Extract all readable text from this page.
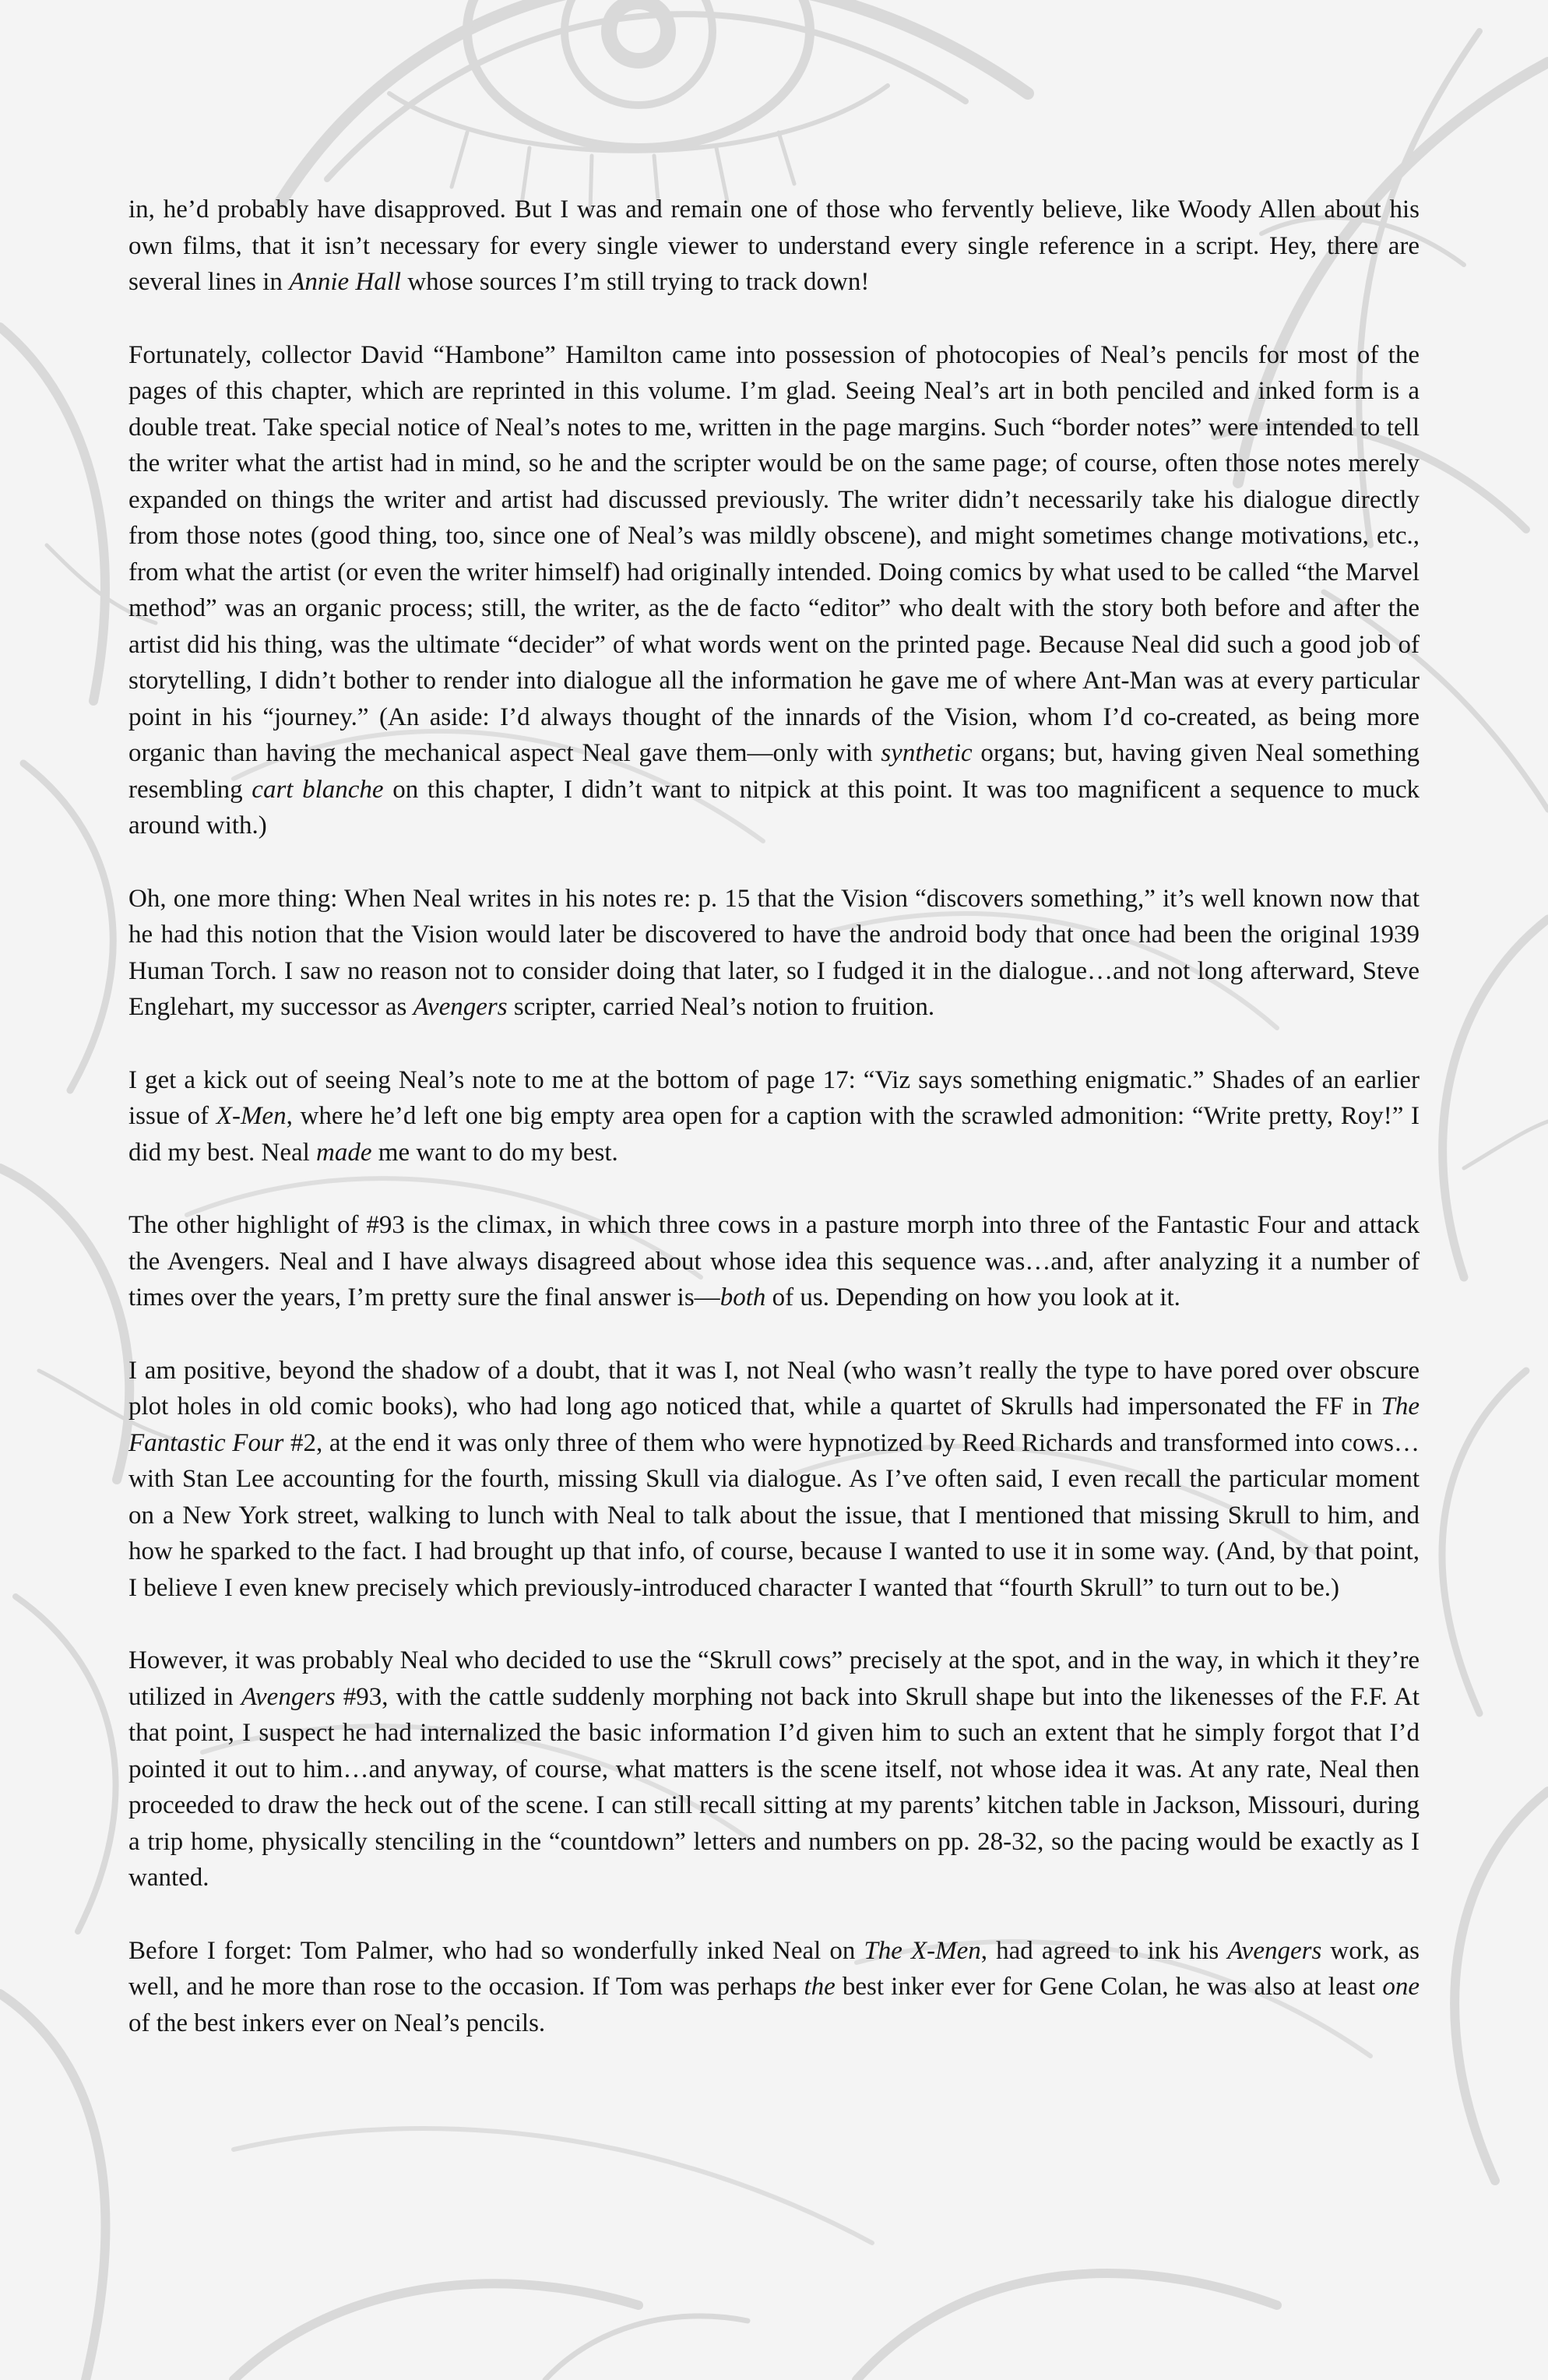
in, he’d probably have disapproved. But I was and remain one of those who fervently believe, like Woody Allen about his own films, that it isn’t necessary for every single viewer to understand every single reference in a script. Hey, there are several lines in Annie Hall whose sources I’m still trying to track down!

Fortunately, collector David “Hambone” Hamilton came into possession of photocopies of Neal’s pencils for most of the pages of this chapter, which are reprinted in this volume. I’m glad. Seeing Neal’s art in both penciled and inked form is a double treat. Take special notice of Neal’s notes to me, written in the page margins. Such “border notes” were intended to tell the writer what the artist had in mind, so he and the scripter would be on the same page; of course, often those notes merely expanded on things the writer and artist had discussed previously. The writer didn’t necessarily take his dialogue directly from those notes (good thing, too, since one of Neal’s was mildly obscene), and might sometimes change motivations, etc., from what the artist (or even the writer himself) had originally intended. Doing comics by what used to be called “the Marvel method” was an organic process; still, the writer, as the de facto “editor” who dealt with the story both before and after the artist did his thing, was the ultimate “decider” of what words went on the printed page. Because Neal did such a good job of storytelling, I didn’t bother to render into dialogue all the information he gave me of where Ant-Man was at every particular point in his “journey.” (An aside: I’d always thought of the innards of the Vision, whom I’d co-created, as being more organic than having the mechanical aspect Neal gave them—only with synthetic organs; but, having given Neal something resembling cart blanche on this chapter, I didn’t want to nitpick at this point. It was too magnificent a sequence to muck around with.)

Oh, one more thing: When Neal writes in his notes re: p. 15 that the Vision “discovers something,” it’s well known now that he had this notion that the Vision would later be discovered to have the android body that once had been the original 1939 Human Torch. I saw no reason not to consider doing that later, so I fudged it in the dialogue…and not long afterward, Steve Englehart, my successor as Avengers scripter, carried Neal’s notion to fruition.

I get a kick out of seeing Neal’s note to me at the bottom of page 17: “Viz says something enigmatic.” Shades of an earlier issue of X-Men, where he’d left one big empty area open for a caption with the scrawled admonition: “Write pretty, Roy!” I did my best. Neal made me want to do my best.

The other highlight of #93 is the climax, in which three cows in a pasture morph into three of the Fantastic Four and attack the Avengers. Neal and I have always disagreed about whose idea this sequence was…and, after analyzing it a number of times over the years, I’m pretty sure the final answer is—both of us. Depending on how you look at it.

I am positive, beyond the shadow of a doubt, that it was I, not Neal (who wasn’t really the type to have pored over obscure plot holes in old comic books), who had long ago noticed that, while a quartet of Skrulls had impersonated the FF in The Fantastic Four #2, at the end it was only three of them who were hypnotized by Reed Richards and transformed into cows…with Stan Lee accounting for the fourth, missing Skull via dialogue. As I’ve often said, I even recall the particular moment on a New York street, walking to lunch with Neal to talk about the issue, that I mentioned that missing Skrull to him, and how he sparked to the fact. I had brought up that info, of course, because I wanted to use it in some way. (And, by that point, I believe I even knew precisely which previously-introduced character I wanted that “fourth Skrull” to turn out to be.)

However, it was probably Neal who decided to use the “Skrull cows” precisely at the spot, and in the way, in which it they’re utilized in Avengers #93, with the cattle suddenly morphing not back into Skrull shape but into the likenesses of the F.F. At that point, I suspect he had internalized the basic information I’d given him to such an extent that he simply forgot that I’d pointed it out to him…and anyway, of course, what matters is the scene itself, not whose idea it was. At any rate, Neal then proceeded to draw the heck out of the scene. I can still recall sitting at my parents’ kitchen table in Jackson, Missouri, during a trip home, physically stenciling in the “countdown” letters and numbers on pp. 28-32, so the pacing would be exactly as I wanted.

Before I forget: Tom Palmer, who had so wonderfully inked Neal on The X-Men, had agreed to ink his Avengers work, as well, and he more than rose to the occasion. If Tom was perhaps the best inker ever for Gene Colan, he was also at least one of the best inkers ever on Neal’s pencils.
